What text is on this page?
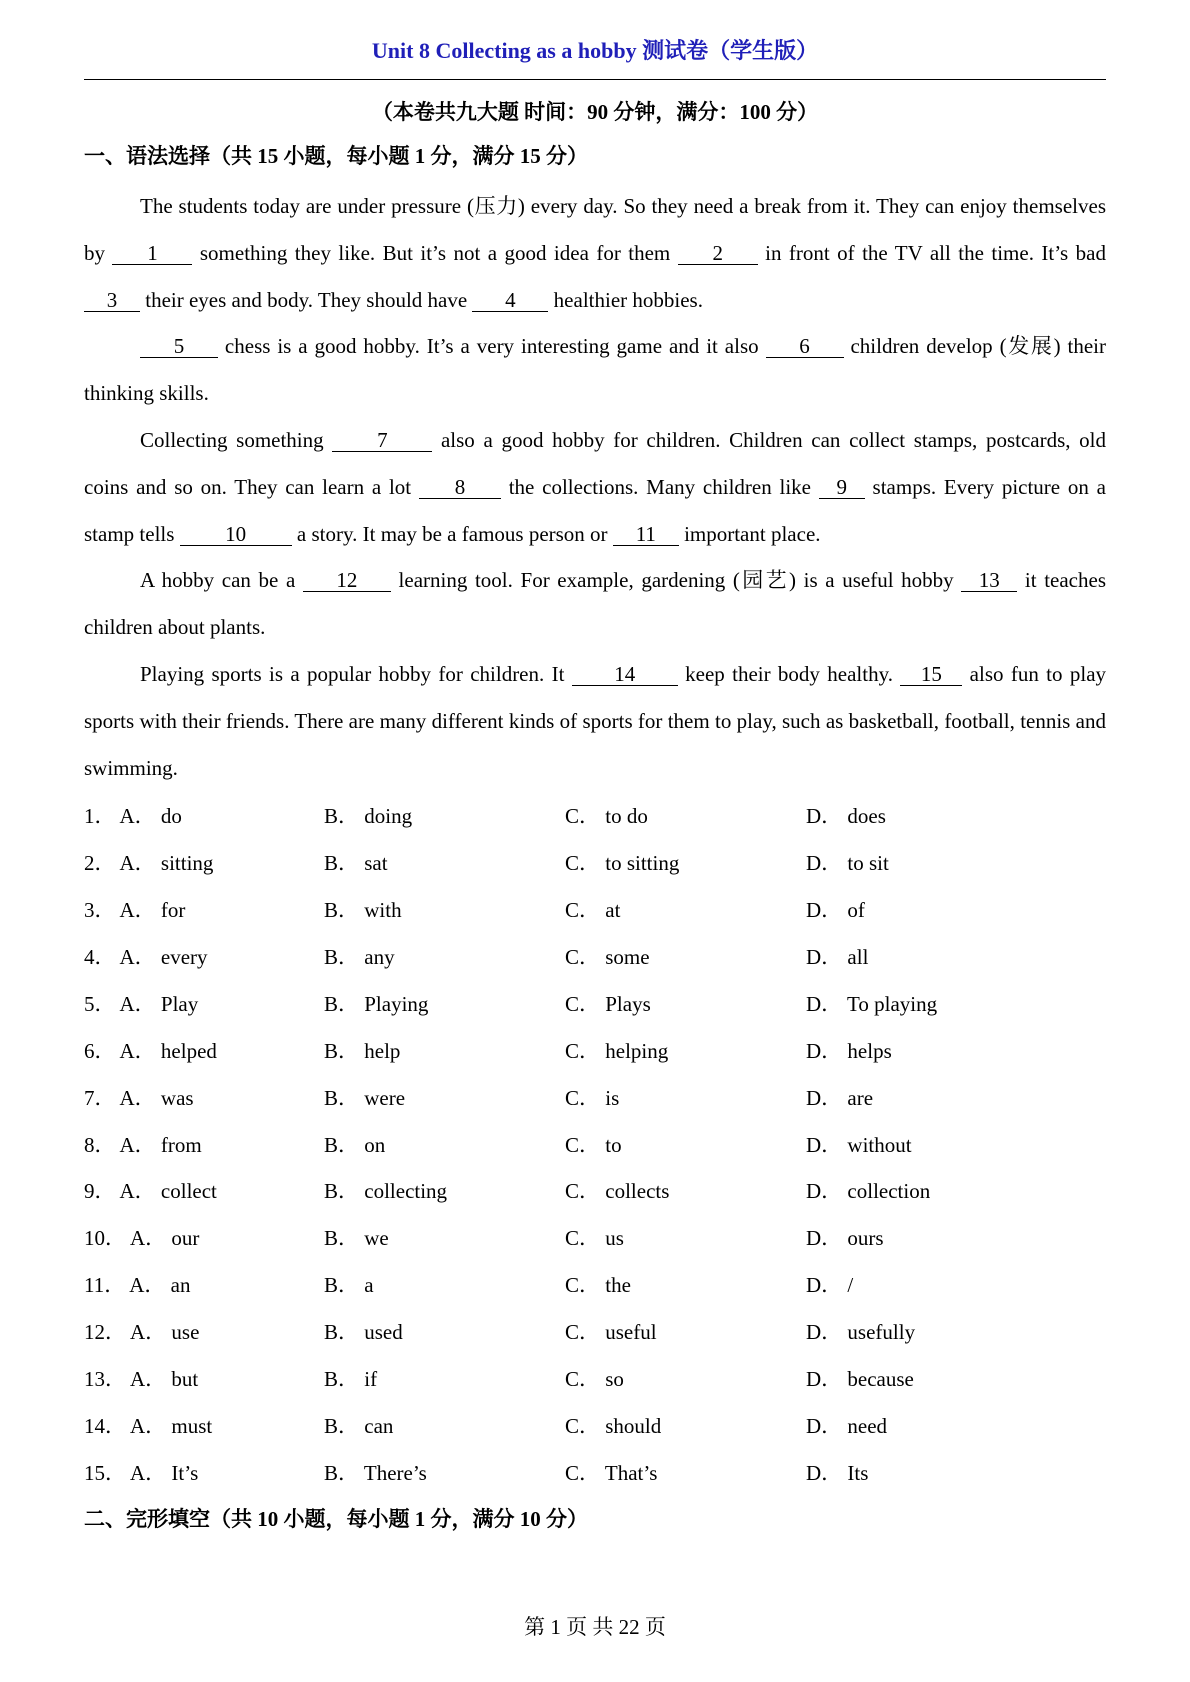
Unit 8 Collecting as a hobby 测试卷（学生版）
（本卷共九大题 时间：90 分钟，满分：100 分）
一、语法选择（共 15 小题，每小题 1 分，满分 15 分）

The students today are under pressure (压力) every day. So they need a break from it. They can enjoy themselves by 1 something they like. But it’s not a good idea for them 2 in front of the TV all the time. It’s bad3 their eyes and body. They should have 4 healthier hobbies.

5 chess is a good hobby. It’s a very interesting game and it also 6 children develop (发展) their thinking skills.

Collecting something 7 also a good hobby for children. Children can collect stamps, postcards, old coins and so on. They can learn a lot 8 the collections. Many children like 9 stamps. Every picture on a stamp tells 10 a story. It may be a famous person or 11 important place.

A hobby can be a 12 learning tool. For example, gardening (园艺) is a useful hobby 13 it teaches children about plants.

Playing sports is a popular hobby for children. It 14 keep their body healthy. 15 also fun to play sports with their friends. There are many different kinds of sports for them to play, such as basketball, football, tennis and swimming.

1． A． do	B． doing	C． to do	D． does
2． A． sitting	B． sat	C． to sitting	D． to sit
3． A． for	B． with	C． at	D． of
4． A． every	B． any	C． some	D． all
5． A． Play	B． Playing	C． Plays	D． To playing
6． A． helped	B． help	C． helping	D． helps
7． A． was	B． were	C． is	D． are
8． A． from	B． on	C． to	D． without
9． A． collect	B． collecting	C． collects	D． collection
10． A． our	B． we	C． us	D． ours
11． A． an	B． a	C． the	D． /
12． A． use	B． used	C． useful	D． usefully
13． A． but	B． if	C． so	D． because
14． A． must	B． can	C． should	D． need
15． A． It’s	B． There’s	C． That’s	D． Its
二、完形填空（共 10 小题，每小题 1 分，满分 10 分）
第 1 页 共 22 页
